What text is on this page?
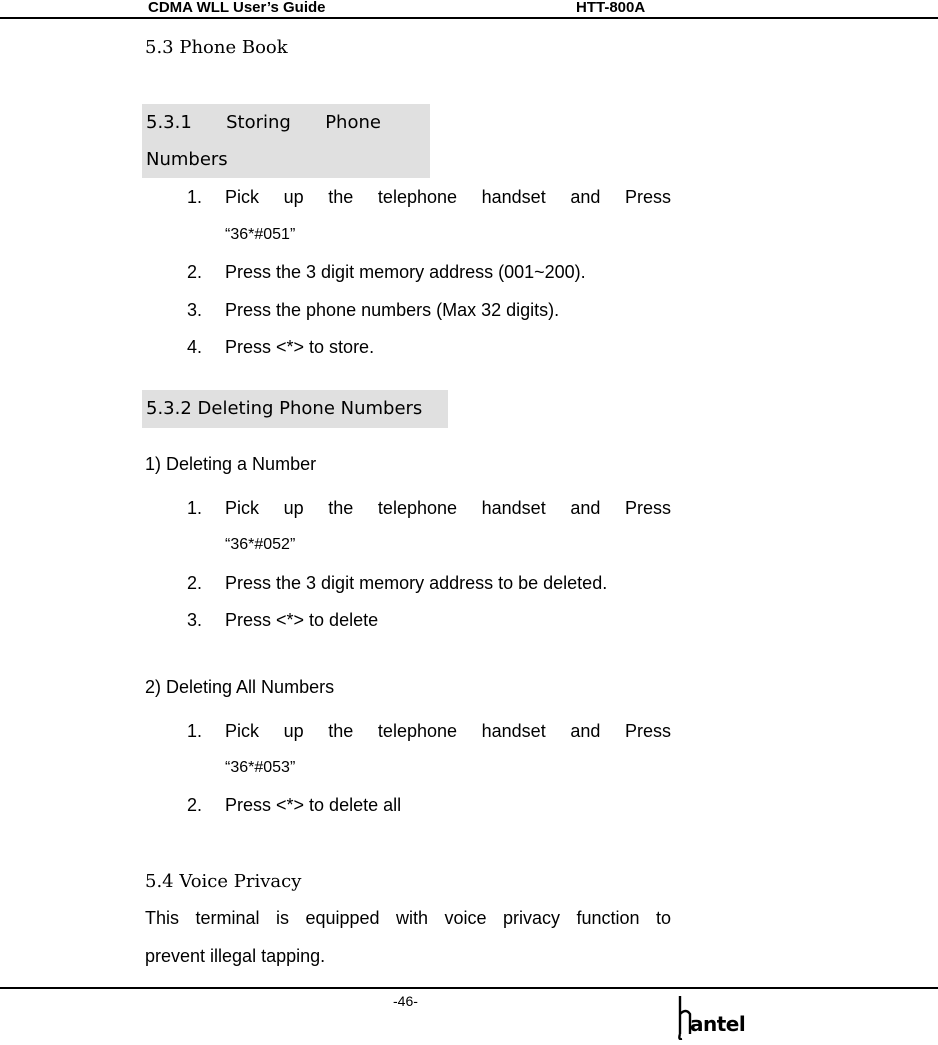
CDMA WLL User’s Guide	HTT-800A
5.3 Phone Book
5.3.1      Storing      Phone
Numbers
1. Pick up the telephone handset and Press
“36*#051”
2. Press the 3 digit memory address (001~200).
3. Press the phone numbers (Max 32 digits).
4. Press <*> to store.
5.3.2 Deleting Phone Numbers
1) Deleting a Number
1. Pick up the telephone handset and Press
“36*#052”
2. Press the 3 digit memory address to be deleted.
3. Press <*> to delete
2) Deleting All Numbers
1. Pick up the telephone handset and Press
“36*#053”
2. Press <*> to delete all
5.4 Voice Privacy
This terminal is equipped with voice privacy function to
prevent illegal tapping.
-46-
antel
